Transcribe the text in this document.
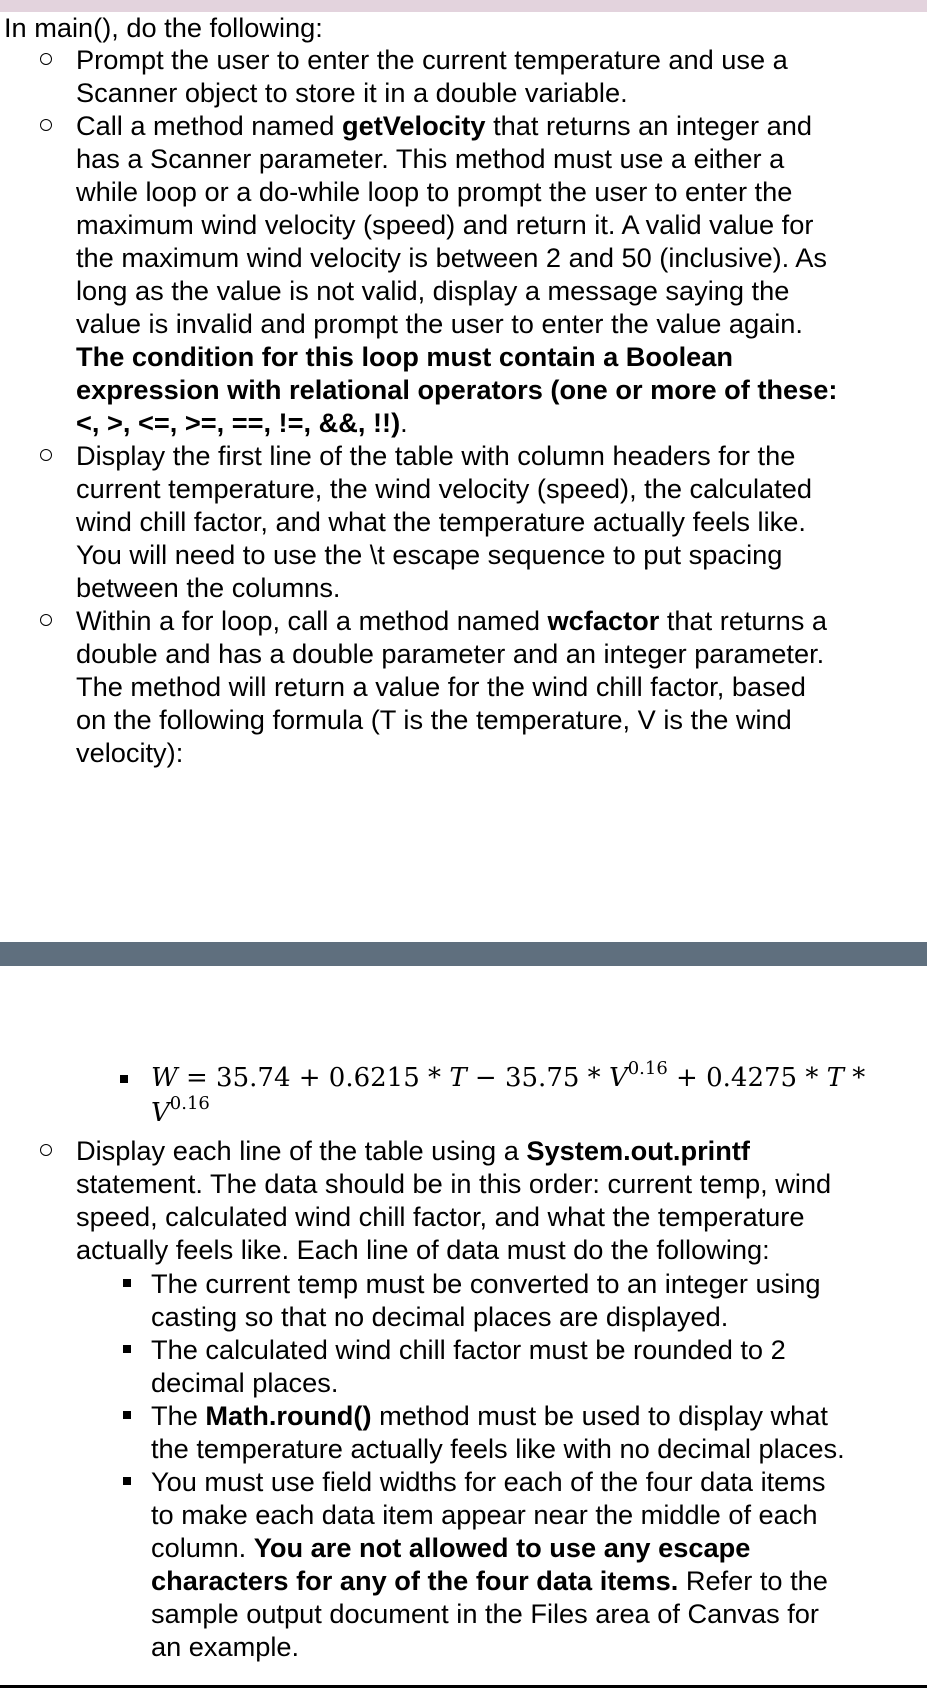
In main(), do the following:
Prompt the user to enter the current temperature and use a
Scanner object to store it in a double variable.
Call a method named getVelocity that returns an integer and
has a Scanner parameter. This method must use a either a
while loop or a do-while loop to prompt the user to enter the
maximum wind velocity (speed) and return it. A valid value for
the maximum wind velocity is between 2 and 50 (inclusive). As
long as the value is not valid, display a message saying the
value is invalid and prompt the user to enter the value again.
The condition for this loop must contain a Boolean
expression with relational operators (one or more of these:
<, >, <=, >=, ==, !=, &&, !!).
Display the first line of the table with column headers for the
current temperature, the wind velocity (speed), the calculated
wind chill factor, and what the temperature actually feels like.
You will need to use the \t escape sequence to put spacing
between the columns.
Within a for loop, call a method named wcfactor that returns a
double and has a double parameter and an integer parameter.
The method will return a value for the wind chill factor, based
on the following formula (T is the temperature, V is the wind
velocity):
$W = 35.74 + 0.6215 * T - 35.75 * V^{0.16} + 0.4275 * T$ *
$V^{0.16}$
Display each line of the table using a System.out.printf
statement. The data should be in this order: current temp, wind
speed, calculated wind chill factor, and what the temperature
actually feels like. Each line of data must do the following:
The current temp must be converted to an integer using
casting so that no decimal places are displayed.
The calculated wind chill factor must be rounded to 2
decimal places.
The Math.round() method must be used to display what
the temperature actually feels like with no decimal places.
You must use field widths for each of the four data items
to make each data item appear near the middle of each
column. You are not allowed to use any escape
characters for any of the four data items. Refer to the
sample output document in the Files area of Canvas for
an example.
